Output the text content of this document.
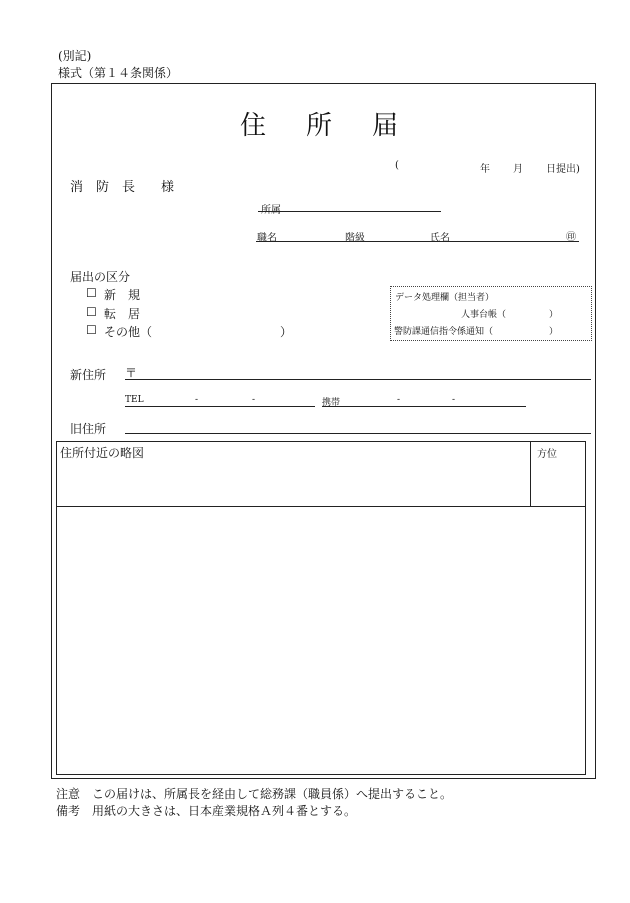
(別記)
様式（第１４条関係）
住所届
(	年 月 日提出)
消　防　長　　様
所属
職名	階級	氏名	㊞
届出の区分
☐ 新　規
☐ 転　居
☐ その他（	）
データ処理欄（担当者）
人事台帳（	）
警防課通信指令係通知（	）
新住所 〒
TEL	-	-	携帯	-	-
旧住所
住所付近の略図	方位
注意　この届けは、所属長を経由して総務課（職員係）へ提出すること。
備考　用紙の大きさは、日本産業規格Ａ列４番とする。
